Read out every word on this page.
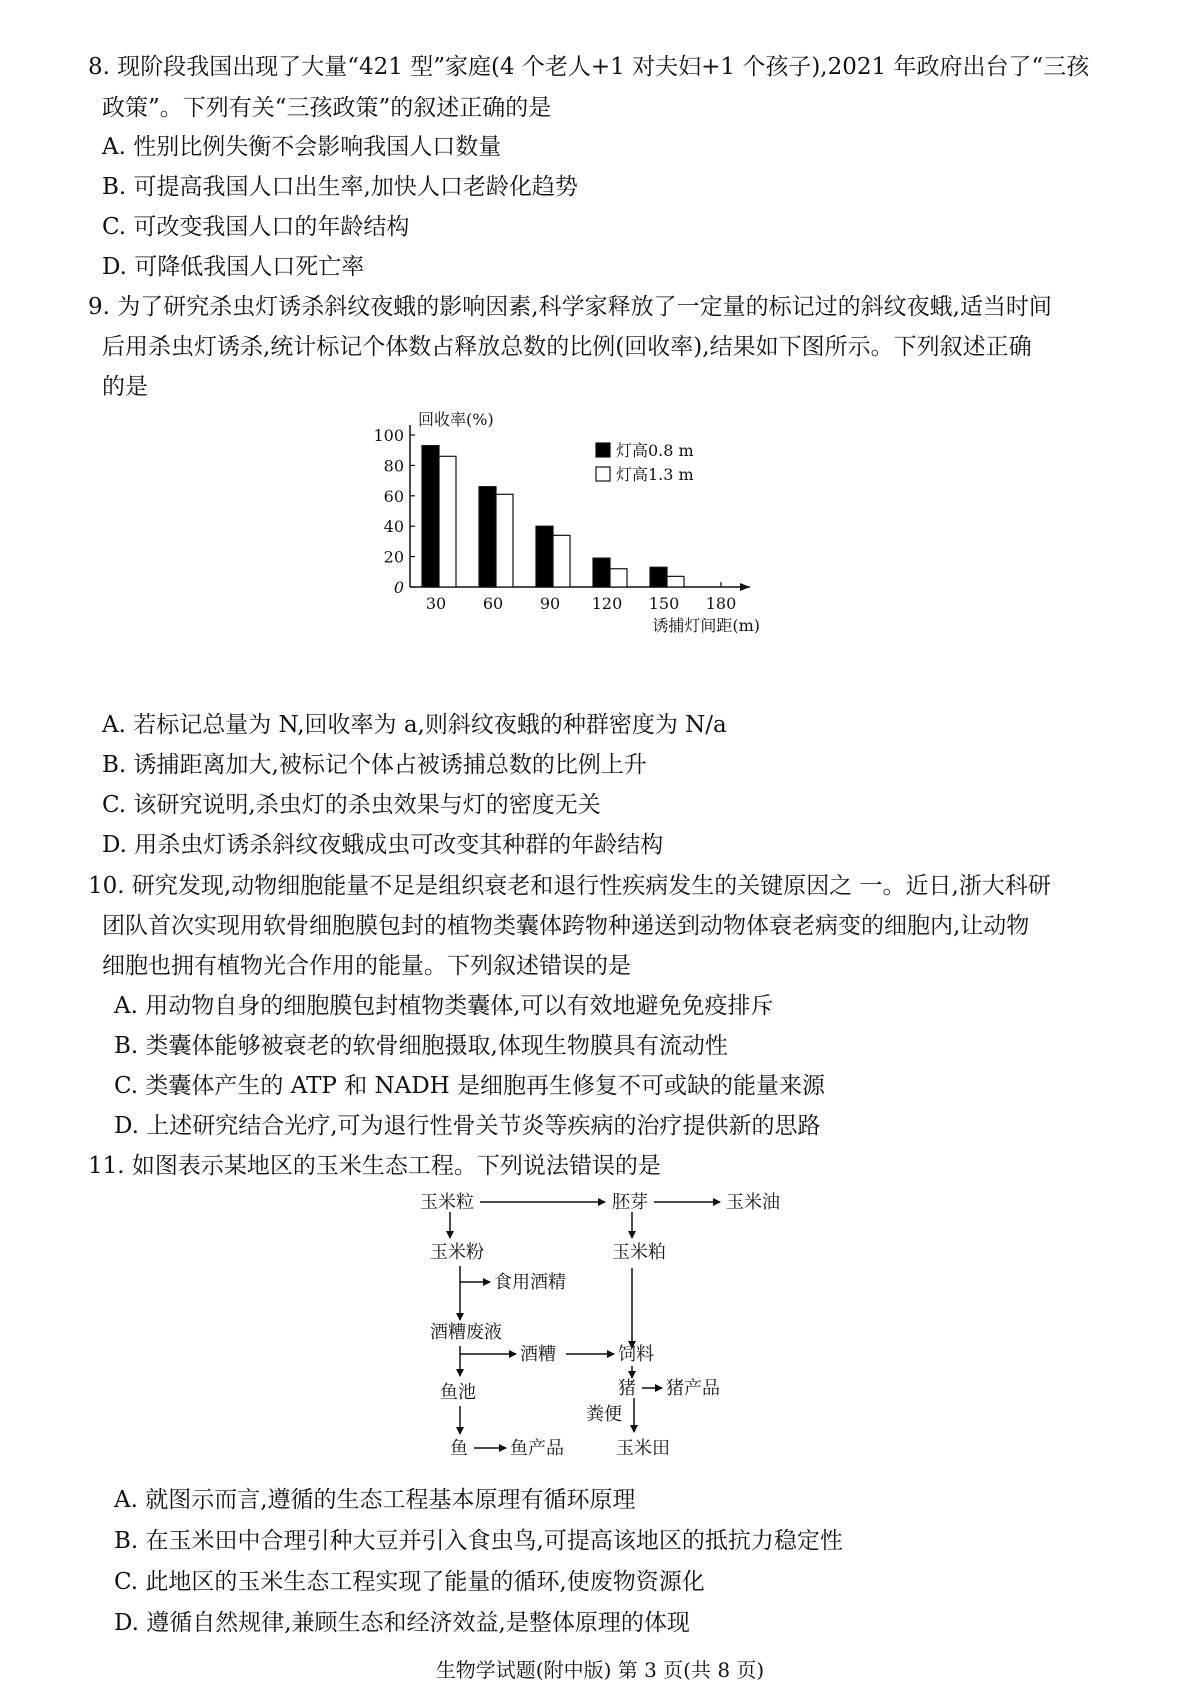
8. 现阶段我国出现了大量“421 型”家庭(4 个老人+1 对夫妇+1 个孩子),2021 年政府出台了“三孩
政策”。下列有关“三孩政策”的叙述正确的是
A. 性别比例失衡不会影响我国人口数量
B. 可提高我国人口出生率,加快人口老龄化趋势
C. 可改变我国人口的年龄结构
D. 可降低我国人口死亡率
9. 为了研究杀虫灯诱杀斜纹夜蛾的影响因素,科学家释放了一定量的标记过的斜纹夜蛾,适当时间
后用杀虫灯诱杀,统计标记个体数占释放总数的比例(回收率),结果如下图所示。下列叙述正确
的是
0
20
40
60
80
100
回收率(%)
30 60 90 120 150 180
诱捕灯间距(m)
灯高0.8 m
灯高1.3 m
A. 若标记总量为 N,回收率为 a,则斜纹夜蛾的种群密度为 N/a
B. 诱捕距离加大,被标记个体占被诱捕总数的比例上升
C. 该研究说明,杀虫灯的杀虫效果与灯的密度无关
D. 用杀虫灯诱杀斜纹夜蛾成虫可改变其种群的年龄结构
10. 研究发现,动物细胞能量不足是组织衰老和退行性疾病发生的关键原因之 一。近日,浙大科研
团队首次实现用软骨细胞膜包封的植物类囊体跨物种递送到动物体衰老病变的细胞内,让动物
细胞也拥有植物光合作用的能量。下列叙述错误的是
A. 用动物自身的细胞膜包封植物类囊体,可以有效地避免免疫排斥
B. 类囊体能够被衰老的软骨细胞摄取,体现生物膜具有流动性
C. 类囊体产生的 ATP 和 NADH 是细胞再生修复不可或缺的能量来源
D. 上述研究结合光疗,可为退行性骨关节炎等疾病的治疗提供新的思路
11. 如图表示某地区的玉米生态工程。下列说法错误的是
玉米粒	胚芽	玉米油
玉米粉	玉米粕
食用酒精
酒糟废液
酒糟	饲料
鱼池	猪 猪产品
粪便
鱼 鱼产品	玉米田
A. 就图示而言,遵循的生态工程基本原理有循环原理
B. 在玉米田中合理引种大豆并引入食虫鸟,可提高该地区的抵抗力稳定性
C. 此地区的玉米生态工程实现了能量的循环,使废物资源化
D. 遵循自然规律,兼顾生态和经济效益,是整体原理的体现
生物学试题(附中版) 第 3 页(共 8 页)
